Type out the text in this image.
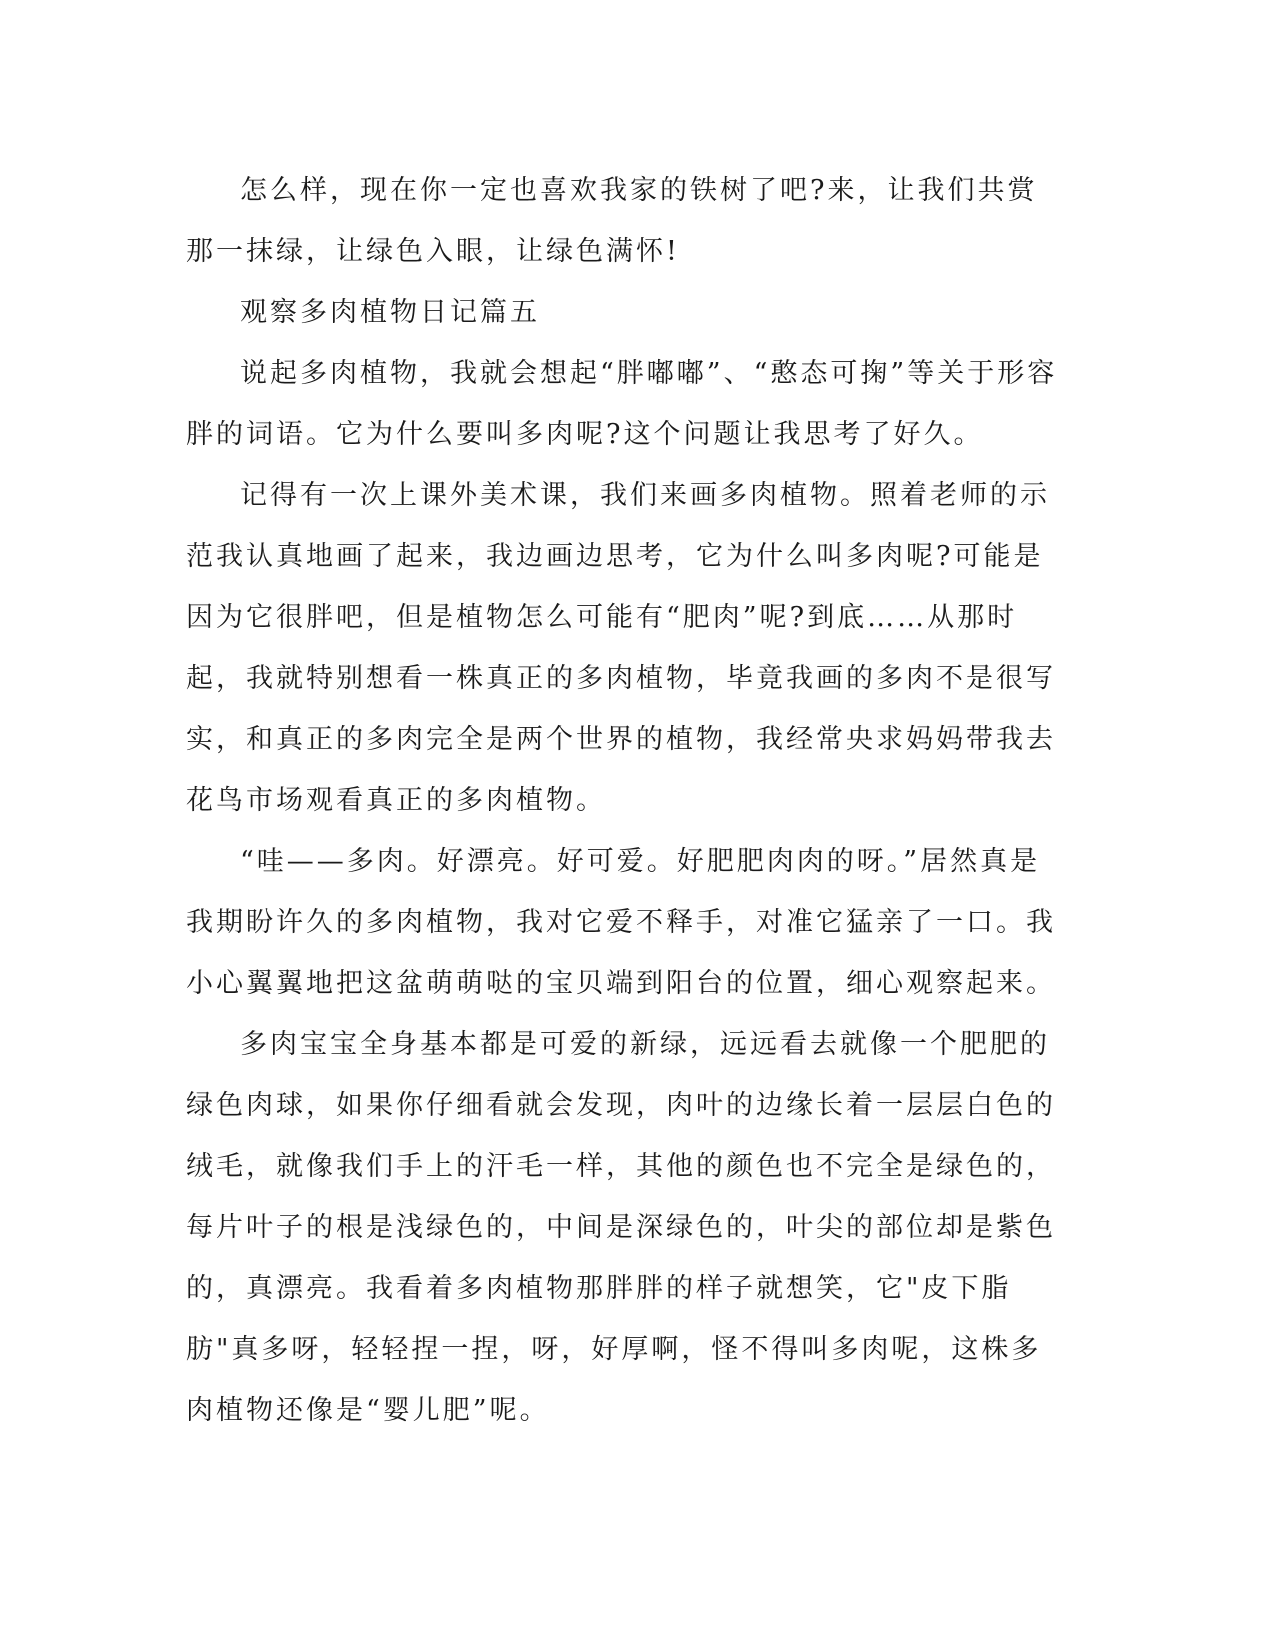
怎么样，现在你一定也喜欢我家的铁树了吧?来，让我们共赏那一抹绿，让绿色入眼，让绿色满怀!

观察多肉植物日记篇五

说起多肉植物，我就会想起“胖嘟嘟”、“憨态可掬”等关于形容胖的词语。它为什么要叫多肉呢?这个问题让我思考了好久。

记得有一次上课外美术课，我们来画多肉植物。照着老师的示范我认真地画了起来，我边画边思考，它为什么叫多肉呢?可能是因为它很胖吧，但是植物怎么可能有“肥肉”呢?到底……从那时起，我就特别想看一株真正的多肉植物，毕竟我画的多肉不是很写实，和真正的多肉完全是两个世界的植物，我经常央求妈妈带我去花鸟市场观看真正的多肉植物。

“哇——多肉。好漂亮。好可爱。好肥肥肉肉的呀。”居然真是我期盼许久的多肉植物，我对它爱不释手，对准它猛亲了一口。我小心翼翼地把这盆萌萌哒的宝贝端到阳台的位置，细心观察起来。

多肉宝宝全身基本都是可爱的新绿，远远看去就像一个肥肥的绿色肉球，如果你仔细看就会发现，肉叶的边缘长着一层层白色的绒毛，就像我们手上的汗毛一样，其他的颜色也不完全是绿色的，每片叶子的根是浅绿色的，中间是深绿色的，叶尖的部位却是紫色的，真漂亮。我看着多肉植物那胖胖的样子就想笑，它"皮下脂肪"真多呀，轻轻捏一捏，呀，好厚啊，怪不得叫多肉呢，这株多肉植物还像是“婴儿肥”呢。
